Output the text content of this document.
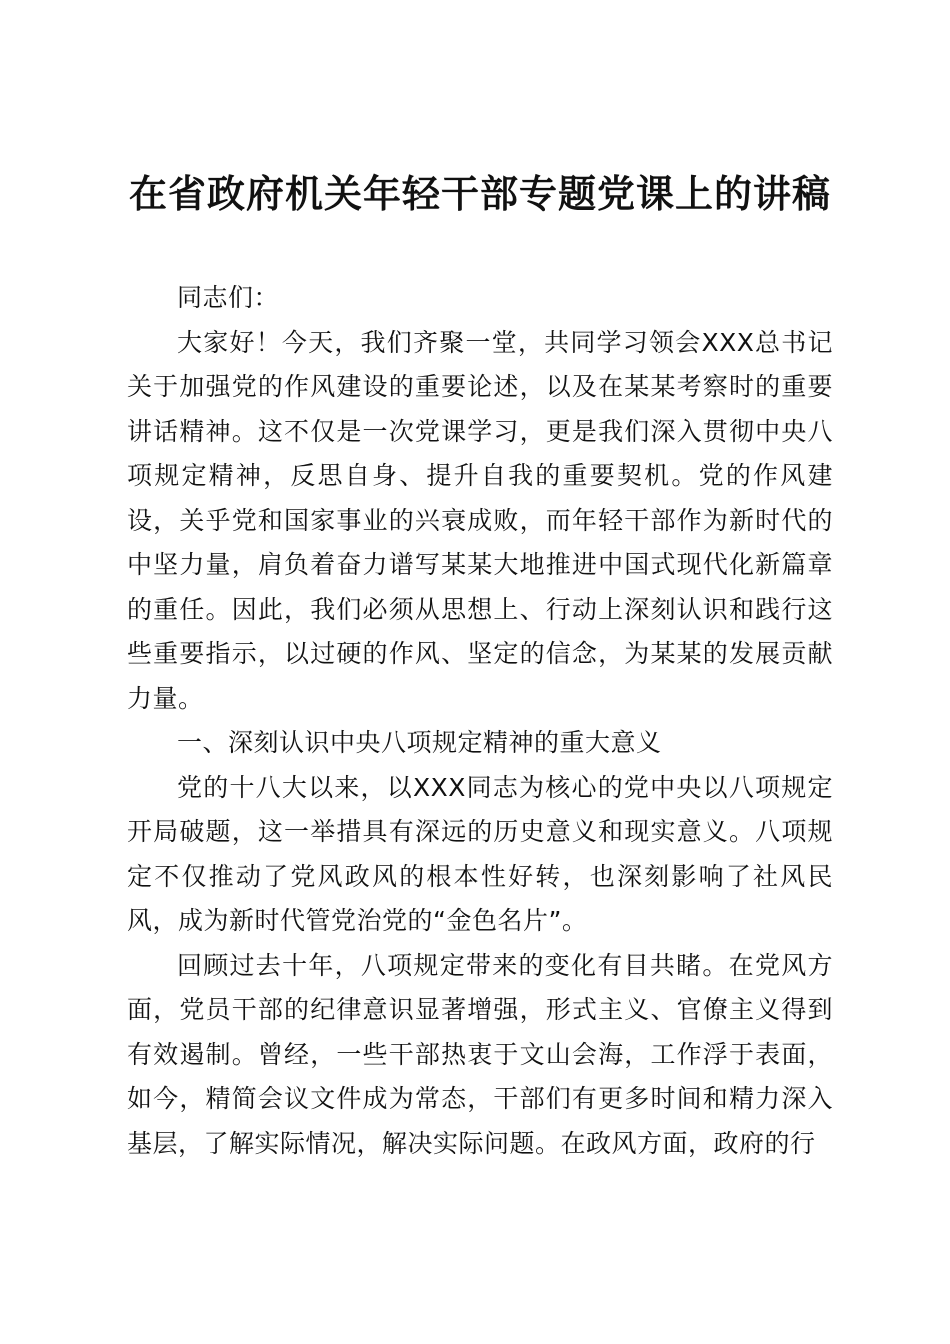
在省政府机关年轻干部专题党课上的讲稿

同志们：

大家好！今天，我们齐聚一堂，共同学习领会XXX总书记关于加强党的作风建设的重要论述，以及在某某考察时的重要讲话精神。这不仅是一次党课学习，更是我们深入贯彻中央八项规定精神，反思自身、提升自我的重要契机。党的作风建设，关乎党和国家事业的兴衰成败，而年轻干部作为新时代的中坚力量，肩负着奋力谱写某某大地推进中国式现代化新篇章的重任。因此，我们必须从思想上、行动上深刻认识和践行这些重要指示，以过硬的作风、坚定的信念，为某某的发展贡献力量。

一、深刻认识中央八项规定精神的重大意义

党的十八大以来，以XXX同志为核心的党中央以八项规定开局破题，这一举措具有深远的历史意义和现实意义。八项规定不仅推动了党风政风的根本性好转，也深刻影响了社风民风，成为新时代管党治党的“金色名片”。

回顾过去十年，八项规定带来的变化有目共睹。在党风方面，党员干部的纪律意识显著增强，形式主义、官僚主义得到有效遏制。曾经，一些干部热衷于文山会海，工作浮于表面，如今，精简会议文件成为常态，干部们有更多时间和精力深入基层，了解实际情况，解决实际问题。在政风方面，政府的行
